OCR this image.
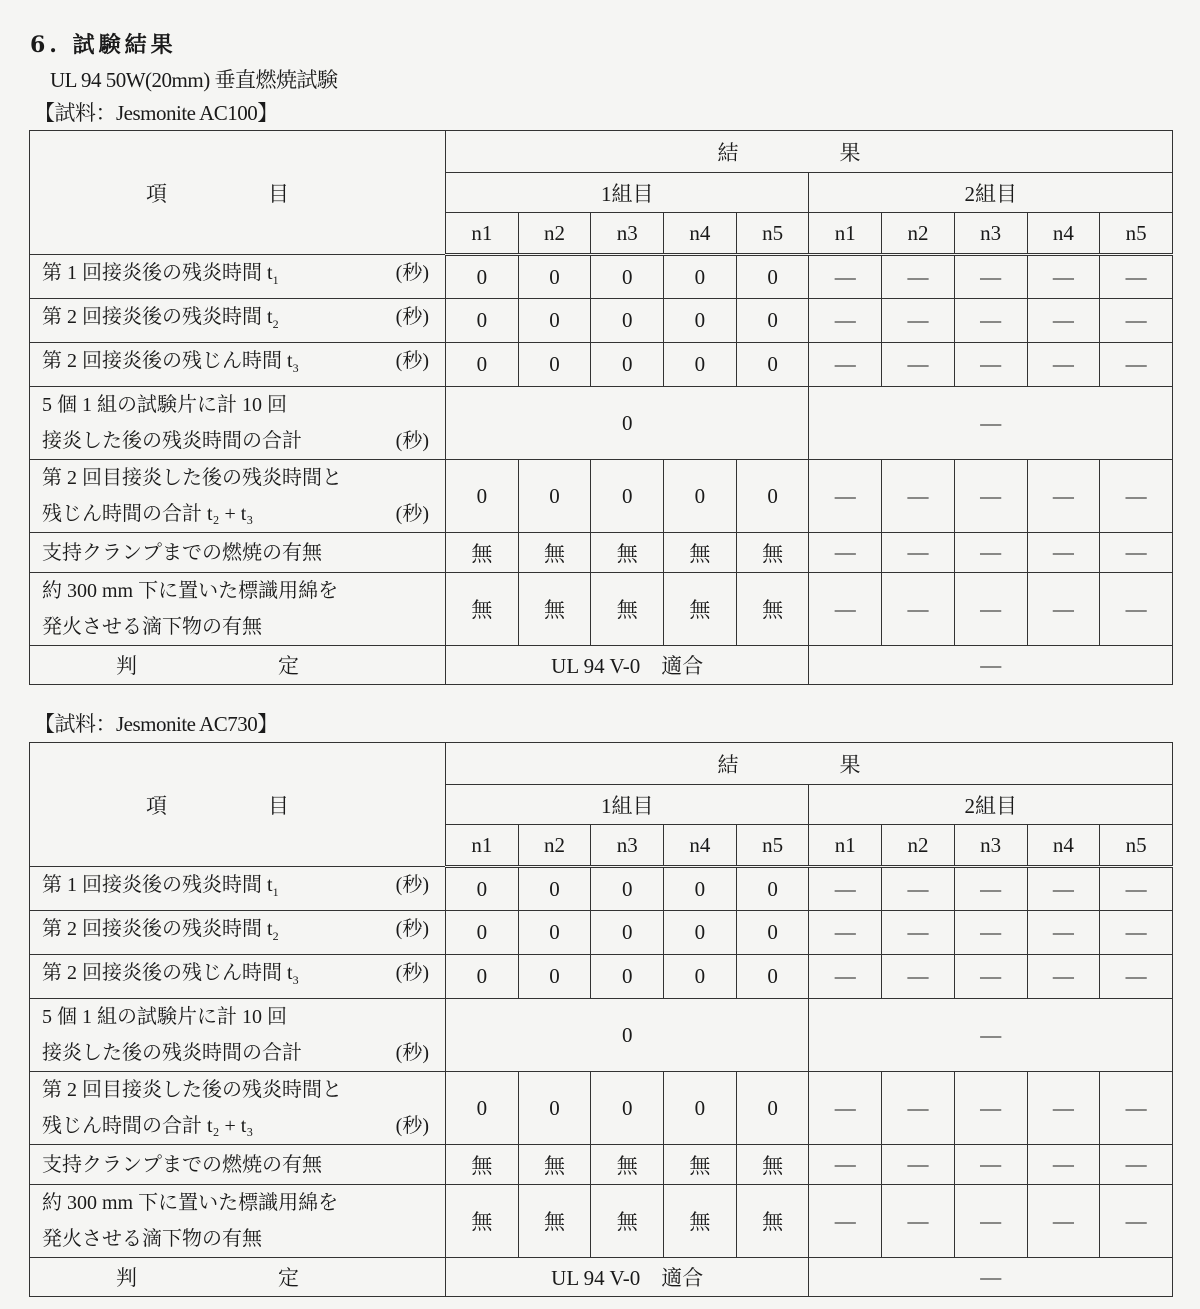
6. 試験結果
UL 94 50W(20mm) 垂直燃焼試験
【試料：Jesmonite AC100】
項　目	結　果									
	1組目					2組目				
	n1	n2	n3	n4	n5	n1	n2	n3	n4	n5

第 1 回接炎後の残炎時間 $t_1$ (秒)	0	0	0	0	0	—	—	—	—	—

第 2 回接炎後の残炎時間 $t_2$ (秒)	0	0	0	0	0	—	—	—	—	—

第 2 回接炎後の残じん時間 $t_3$ (秒)	0	0	0	0	0	—	—	—	—	—

5 個 1 組の試験片に計 10 回
接炎した後の残炎時間の合計 (秒)	0					—				

第 2 回目接炎した後の残炎時間と
残じん時間の合計 t₂ + t₃ (秒)	0	0	0	0	0	—	—	—	—	—

支持クランプまでの燃焼の有無	無	無	無	無	無	—	—	—	—	—

約 300 mm 下に置いた標識用綿を
発火させる滴下物の有無	無	無	無	無	無	—	—	—	—	—
判　定	UL 94 V-0　適合					—				
【試料：Jesmonite AC730】
項　目	結　果									
	1組目					2組目				
	n1	n2	n3	n4	n5	n1	n2	n3	n4	n5

第 1 回接炎後の残炎時間 $t_1$ (秒)	0	0	0	0	0	—	—	—	—	—

第 2 回接炎後の残炎時間 $t_2$ (秒)	0	0	0	0	0	—	—	—	—	—

第 2 回接炎後の残じん時間 $t_3$ (秒)	0	0	0	0	0	—	—	—	—	—

5 個 1 組の試験片に計 10 回
接炎した後の残炎時間の合計 (秒)	0					—				

第 2 回目接炎した後の残炎時間と
残じん時間の合計 t₂ + t₃ (秒)	0	0	0	0	0	—	—	—	—	—

支持クランプまでの燃焼の有無	無	無	無	無	無	—	—	—	—	—

約 300 mm 下に置いた標識用綿を
発火させる滴下物の有無	無	無	無	無	無	—	—	—	—	—
判　定	UL 94 V-0　適合					—				
